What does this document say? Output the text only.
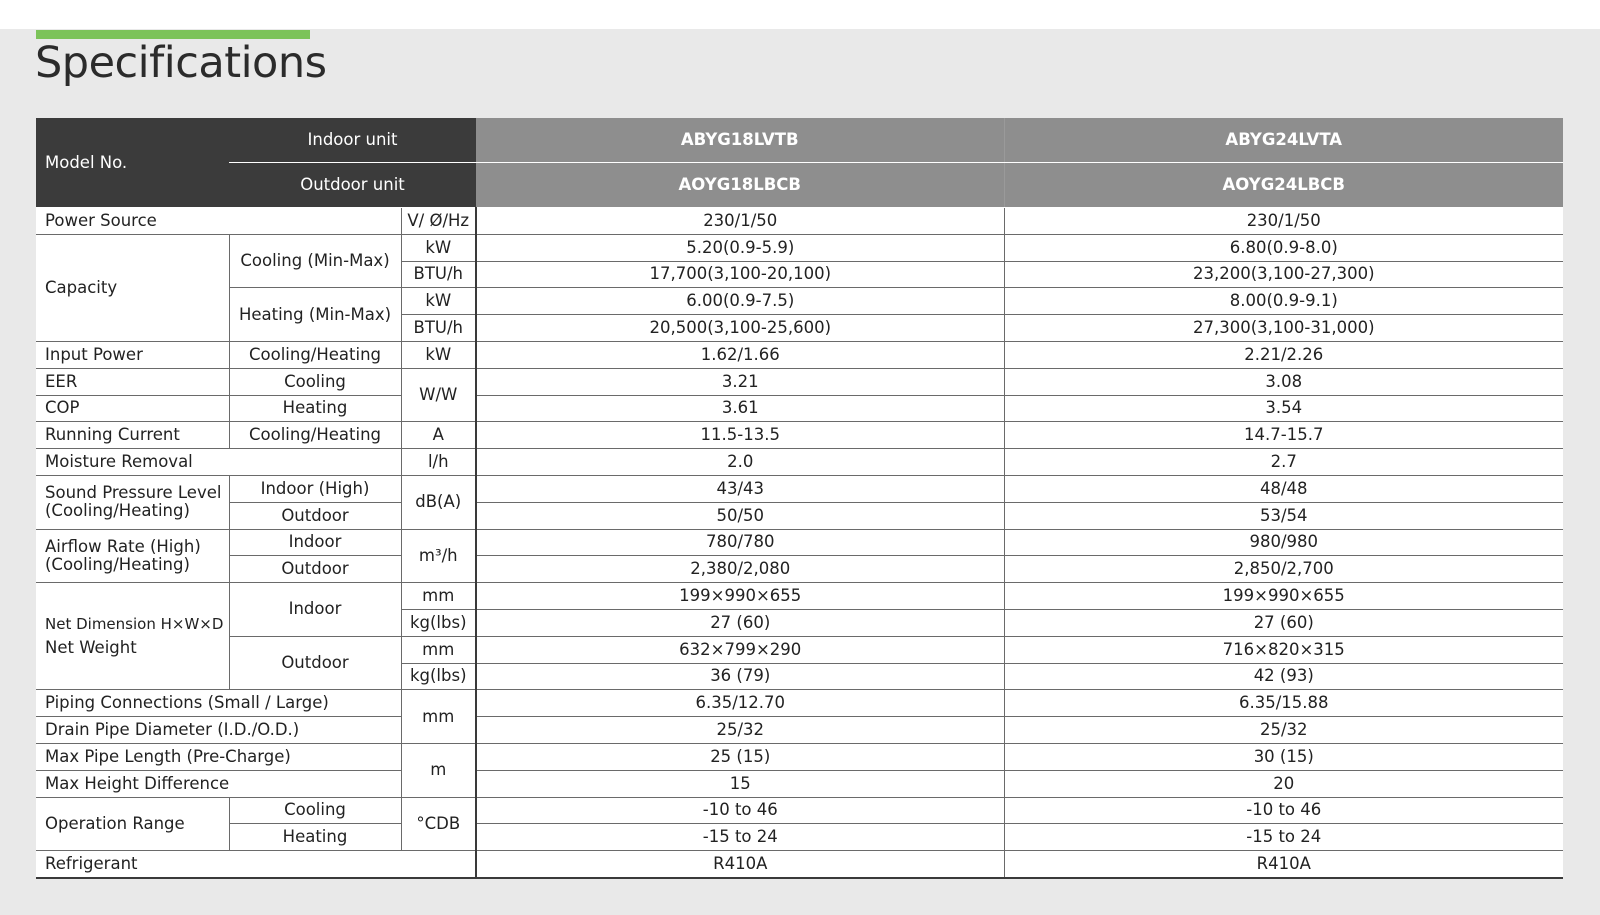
Specifications
Model No.	Indoor unit		ABYG18LVTB	ABYG24LVTA
	Outdoor unit		AOYG18LBCB	AOYG24LBCB
Power Source		V/ Ø/Hz	230/1/50	230/1/50
Capacity	Cooling (Min-Max)	kW	5.20(0.9-5.9)	6.80(0.9-8.0)
		BTU/h	17,700(3,100-20,100)	23,200(3,100-27,300)
	Heating (Min-Max)	kW	6.00(0.9-7.5)	8.00(0.9-9.1)
		BTU/h	20,500(3,100-25,600)	27,300(3,100-31,000)
Input Power	Cooling/Heating	kW	1.62/1.66	2.21/2.26
EER	Cooling	W/W	3.21	3.08
COP	Heating		3.61	3.54
Running Current	Cooling/Heating	A	11.5-13.5	14.7-15.7
Moisture Removal		l/h	2.0	2.7
Sound Pressure Level (Cooling/Heating)	Indoor (High)	dB(A)	43/43	48/48
	Outdoor		50/50	53/54
Airflow Rate (High) (Cooling/Heating)	Indoor	m³/h	780/780	980/980
	Outdoor		2,380/2,080	2,850/2,700

Net Dimension H×W×D
Net Weight	Indoor	mm	199×990×655	199×990×655
		kg(lbs)	27 (60)	27 (60)
	Outdoor	mm	632×799×290	716×820×315
		kg(lbs)	36 (79)	42 (93)
Piping Connections (Small / Large)		mm	6.35/12.70	6.35/15.88
Drain Pipe Diameter (I.D./O.D.)			25/32	25/32
Max Pipe Length (Pre-Charge)		m	25 (15)	30 (15)
Max Height Difference			15	20
Operation Range	Cooling	°CDB	-10 to 46	-10 to 46
	Heating		-15 to 24	-15 to 24
Refrigerant			R410A	R410A
